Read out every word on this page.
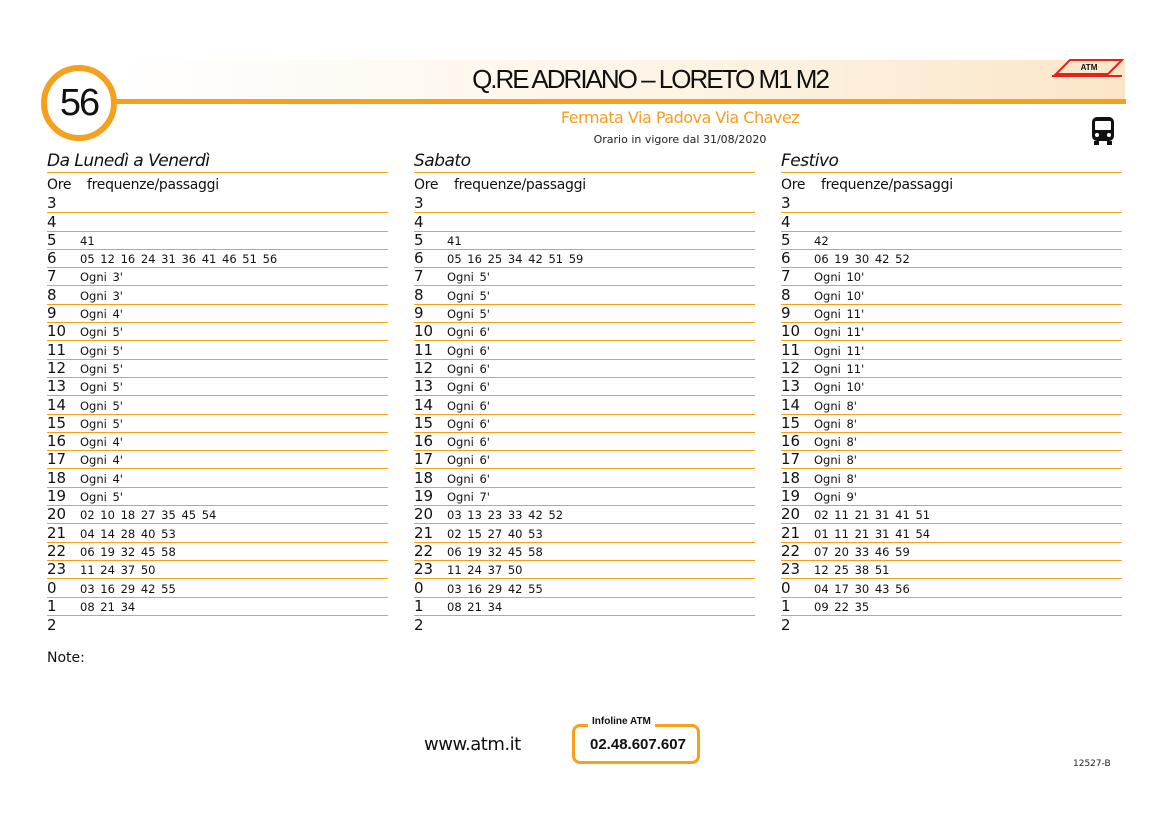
56
Q.RE ADRIANO – LORETO M1 M2
Fermata Via Padova Via Chavez
Orario in vigore dal 31/08/2020
ATM
Da Lunedì a Venerdì
Ore frequenze/passaggi
3
4
5	41
6	05 12 16 24 31 36 41 46 51 56
7	Ogni 3'
8	Ogni 3'
9	Ogni 4'
10	Ogni 5'
11	Ogni 5'
12	Ogni 5'
13	Ogni 5'
14	Ogni 5'
15	Ogni 5'
16	Ogni 4'
17	Ogni 4'
18	Ogni 4'
19	Ogni 5'
20	02 10 18 27 35 45 54
21	04 14 28 40 53
22	06 19 32 45 58
23	11 24 37 50
0	03 16 29 42 55
1	08 21 34
2
Sabato
Ore frequenze/passaggi
3
4
5	41
6	05 16 25 34 42 51 59
7	Ogni 5'
8	Ogni 5'
9	Ogni 5'
10	Ogni 6'
11	Ogni 6'
12	Ogni 6'
13	Ogni 6'
14	Ogni 6'
15	Ogni 6'
16	Ogni 6'
17	Ogni 6'
18	Ogni 6'
19	Ogni 7'
20	03 13 23 33 42 52
21	02 15 27 40 53
22	06 19 32 45 58
23	11 24 37 50
0	03 16 29 42 55
1	08 21 34
2
Festivo
Ore frequenze/passaggi
3
4
5	42
6	06 19 30 42 52
7	Ogni 10'
8	Ogni 10'
9	Ogni 11'
10	Ogni 11'
11	Ogni 11'
12	Ogni 11'
13	Ogni 10'
14	Ogni 8'
15	Ogni 8'
16	Ogni 8'
17	Ogni 8'
18	Ogni 8'
19	Ogni 9'
20	02 11 21 31 41 51
21	01 11 21 31 41 54
22	07 20 33 46 59
23	12 25 38 51
0	04 17 30 43 56
1	09 22 35
2
Note:
www.atm.it
Infoline ATM
02.48.607.607
12527-B
